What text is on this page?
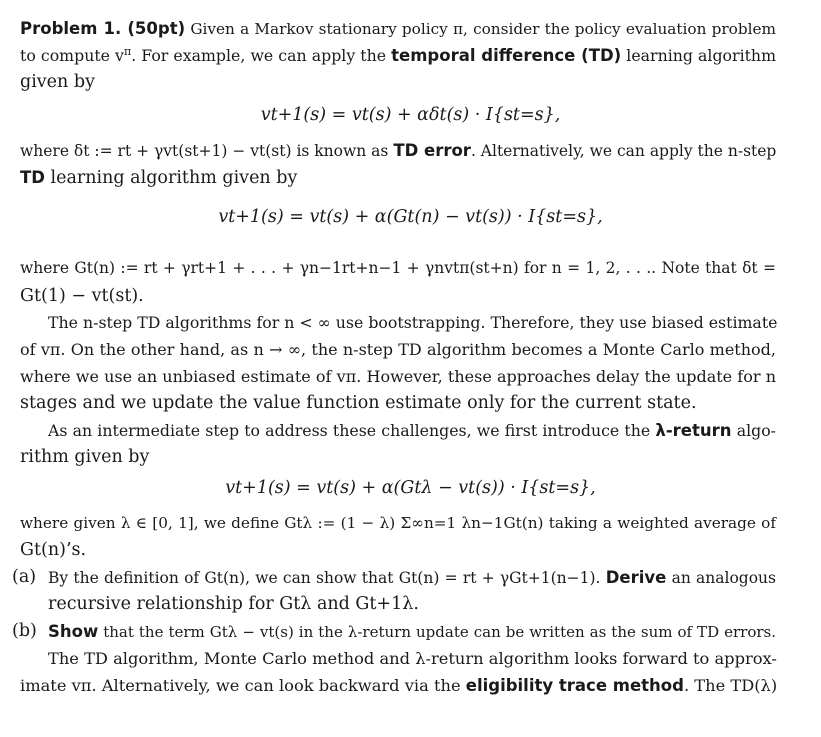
Problem 1. (50pt) Given a Markov stationary policy π, consider the policy evaluation problem
to compute $v^\pi$. For example, we can apply the temporal difference (TD) learning algorithm
given by
vt+1(s) = vt(s) + αδt(s) · I{st=s},
where δt := rt + γvt(st+1) − vt(st) is known as TD error. Alternatively, we can apply the n-step
TD learning algorithm given by
vt+1(s) = vt(s) + α(Gt(n) − vt(s)) · I{st=s},
where Gt(n) := rt + γrt+1 + . . . + γn−1rt+n−1 + γnvtπ(st+n) for n = 1, 2, . . .. Note that δt =
Gt(1) − vt(st).
The n-step TD algorithms for n < ∞ use bootstrapping. Therefore, they use biased estimate
of vπ. On the other hand, as n → ∞, the n-step TD algorithm becomes a Monte Carlo method,
where we use an unbiased estimate of vπ. However, these approaches delay the update for n
stages and we update the value function estimate only for the current state.
As an intermediate step to address these challenges, we first introduce the λ-return algo-
rithm given by
vt+1(s) = vt(s) + α(Gtλ − vt(s)) · I{st=s},
where given λ ∈ [0, 1], we define Gtλ := (1 − λ) Σ∞n=1 λn−1Gt(n) taking a weighted average of
Gt(n)’s.
(a) By the definition of Gt(n), we can show that Gt(n) = rt + γGt+1(n−1). Derive an analogous
recursive relationship for Gtλ and Gt+1λ.
(b) Show that the term Gtλ − vt(s) in the λ-return update can be written as the sum of TD errors.
The TD algorithm, Monte Carlo method and λ-return algorithm looks forward to approx-
imate vπ. Alternatively, we can look backward via the eligibility trace method. The TD(λ)
